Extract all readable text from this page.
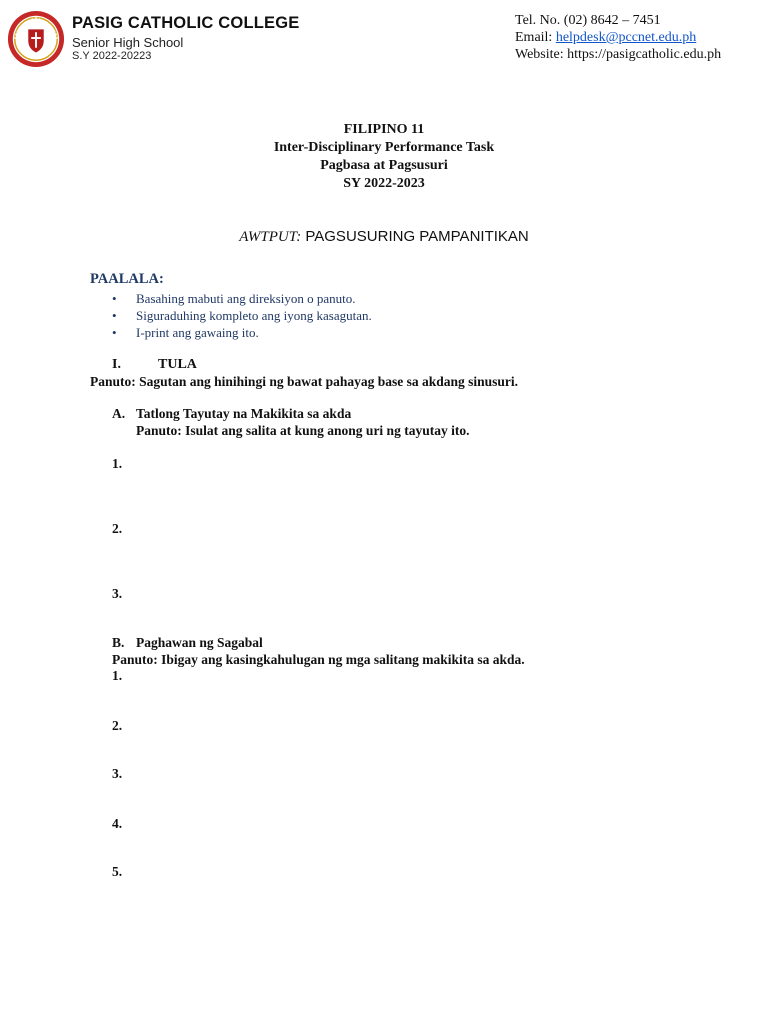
PASIG CATHOLIC COLLEGE
Senior High School
S.Y 2022-20223
Tel. No. (02) 8642 – 7451
Email: helpdesk@pccnet.edu.ph
Website: https://pasigcatholic.edu.ph
FILIPINO 11
Inter-Disciplinary Performance Task
Pagbasa at Pagsusuri
SY 2022-2023
AWTPUT: PAGSUSURING PAMPANITIKAN
PAALALA:
• Basahing mabuti ang direksiyon o panuto.
• Siguraduhing kompleto ang iyong kasagutan.
• I-print ang gawaing ito.
I.	TULA
Panuto: Sagutan ang hinihingi ng bawat pahayag base sa akdang sinusuri.
A. Tatlong Tayutay na Makikita sa akda
Panuto: Isulat ang salita at kung anong uri ng tayutay ito.
1.
2.
3.
B. Paghawan ng Sagabal
Panuto: Ibigay ang kasingkahulugan ng mga salitang makikita sa akda.
1.
2.
3.
4.
5.
